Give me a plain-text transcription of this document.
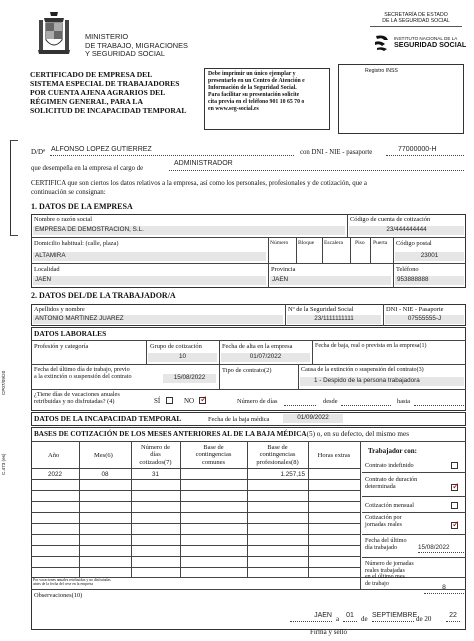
MINISTERIO
DE TRABAJO, MIGRACIONES
Y SEGURIDAD SOCIAL
SECRETARÍA DE ESTADO
DE LA SEGURIDAD SOCIAL
INSTITUTO NACIONAL DE LA
SEGURIDAD SOCIAL
CERTIFICADO DE EMPRESA DEL
SISTEMA ESPECIAL DE TRABAJADORES
POR CUENTA AJENA AGRARIOS DEL
RÉGIMEN GENERAL, PARA LA
SOLICITUD DE INCAPACIDAD TEMPORAL
Debe imprimir un único ejemplar y
presentarlo en un Centro de Atención e
Información de la Seguridad Social.
Para facilitar su presentación solicite
cita previa en el teléfono 901 10 65 70 o
en www.seg-social.es
Registro INSS
CP07/09/20
C.473 (es)
D/Dª ALFONSO LOPEZ GUTIERREZ	con DNI - NIE - pasaporte	77000000-H
que desempeña en la empresa el cargo de
ADMINISTRADOR
CERTIFICA que son ciertos los datos relativos a la empresa, así como los personales, profesionales y de cotización, que a
continuación se consignan:
1. DATOS DE LA EMPRESA
Nombre o razón social
EMPRESA DE DEMOSTRACION, S.L.
Código de cuenta de cotización
23/444444444
Domicilio habitual: (calle, plaza)
ALTAMIRA
Número Bloque Escalera Piso Puerta Código postal
23001
Localidad
JAEN
Provincia
JAEN
Teléfono
953888888
2. DATOS DEL/DE LA TRABAJADOR/A
Apellidos y nombre
ANTONIO MARTINEZ JUAREZ
Nº de la Seguridad Social
23/1111111111
DNI - NIE - Pasaporte
07555555-J
DATOS LABORALES
Profesión y categoría	Grupo de cotización
10
Fecha de alta en la empresa
01/07/2022
Fecha de baja, real o prevista en la empresa(1)
Fecha del último día de trabajo, previo
a la extinción o suspensión del contrato	15/08/2022
Tipo de contrato(2)	Causa de la extinción o suspensión del contrato(3)
1 - Despido de la persona trabajadora
¿Tiene días de vacaciones anuales
retribuidas y no disfrutadas? (4)	SÍ	NO
✓	Número de días	desde	hasta
DATOS DE LA INCAPACIDAD TEMPORAL	Fecha de la baja médica	01/09/2022
BASES DE COTIZACIÓN DE LOS MESES ANTERIORES AL DE LA BAJA MÉDICA(5) o, en su defecto, del mismo mes
Año	Mes(6)
Número de
días
cotizados(7)
Base de
contingencias
comunes
Base de
contingencias
profesionales(8)
Horas extras
2022	08	31	1.257,15
Por vacaciones anuales retribuidas y no disfrutadas
antes de la fecha del cese en la empresa
Observaciones(10)
Trabajador con:
Contrato indefinido
Contrato de duración
determinada
✓
Cotización mensual
Cotización por
jornadas reales
✓
Fecha del último
día trabajado	15/08/2022
Número de jornadas
reales trabajadas
en el último mes
de trabajo
8
JAEN a 01	de SEPTIEMBRE
de 20	22
Firma y sello
